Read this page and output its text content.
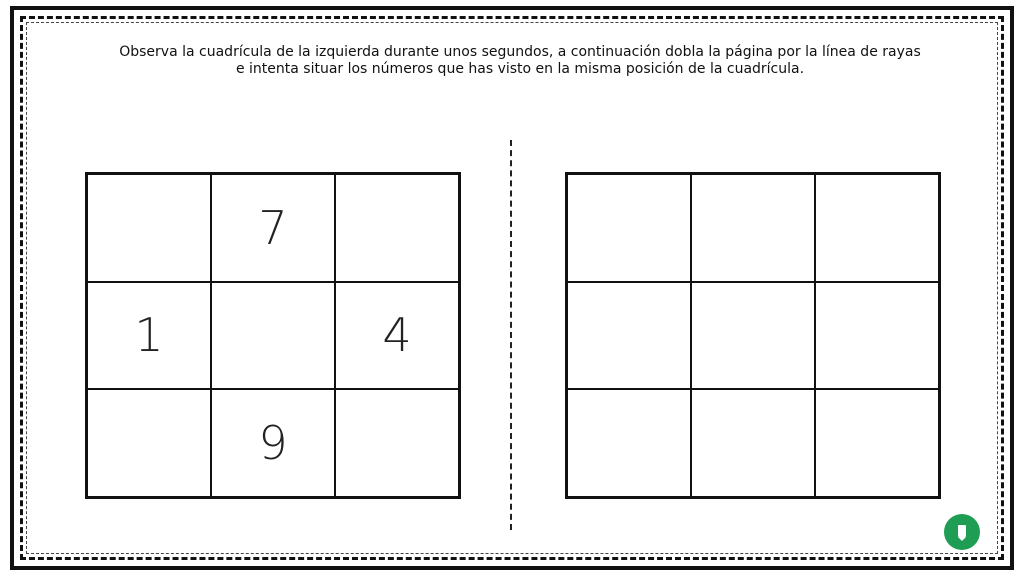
Observa la cuadrícula de la izquierda durante unos segundos, a continuación dobla la página por la línea de rayas
e intenta situar los números que has visto en la misma posición de la cuadrícula.
7
1	4
9
